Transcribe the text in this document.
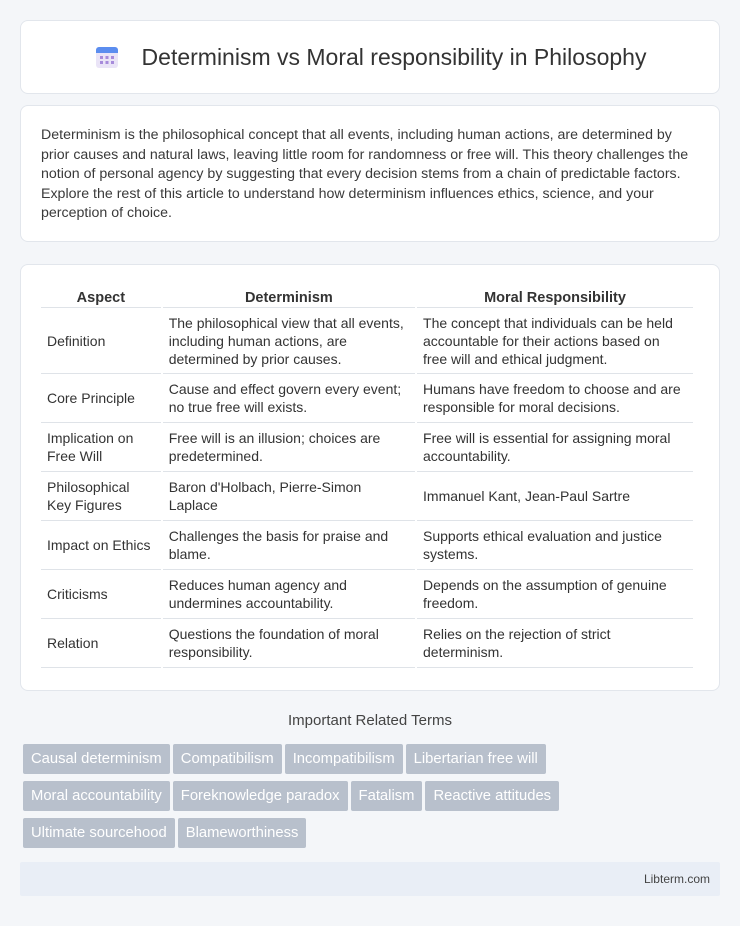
Determinism vs Moral responsibility in Philosophy

Determinism is the philosophical concept that all events, including human actions, are determined by prior causes and natural laws, leaving little room for randomness or free will. This theory challenges the notion of personal agency by suggesting that every decision stems from a chain of predictable factors. Explore the rest of this article to understand how determinism influences ethics, science, and your perception of choice.

Aspect	Determinism	Moral Responsibility
Definition	The philosophical view that all events, including human actions, are determined by prior causes.	The concept that individuals can be held accountable for their actions based on free will and ethical judgment.
Core Principle	Cause and effect govern every event; no true free will exists.	Humans have freedom to choose and are responsible for moral decisions.
Implication on Free Will	Free will is an illusion; choices are predetermined.	Free will is essential for assigning moral accountability.
Philosophical Key Figures	Baron d'Holbach, Pierre-Simon Laplace	Immanuel Kant, Jean-Paul Sartre
Impact on Ethics	Challenges the basis for praise and blame.	Supports ethical evaluation and justice systems.
Criticisms	Reduces human agency and undermines accountability.	Depends on the assumption of genuine freedom.
Relation	Questions the foundation of moral responsibility.	Relies on the rejection of strict determinism.
Important Related Terms
Causal determinism Compatibilism Incompatibilism Libertarian free will
Moral accountability Foreknowledge paradox Fatalism Reactive attitudes
Ultimate sourcehood Blameworthiness
Libterm.com
